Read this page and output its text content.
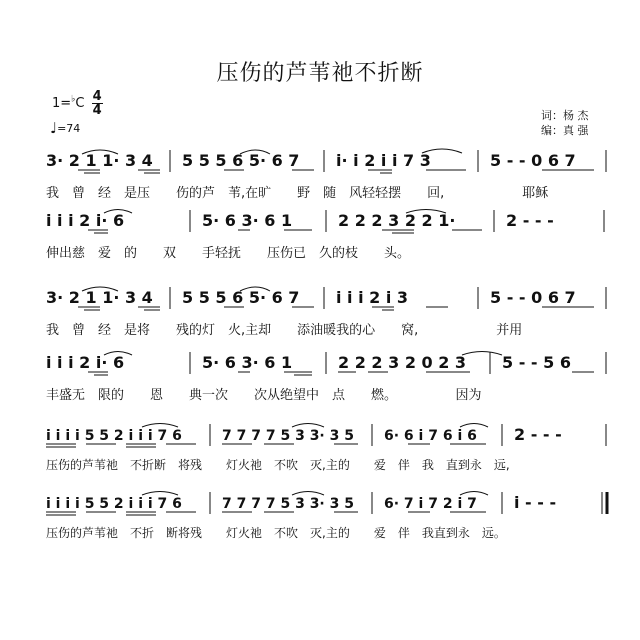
压伤的芦苇祂不折断
$1=^♭C \frac{4}{4}$
♩=74
词：杨 杰
编：真 强
3· 2 1 1· 3 4 5 5 5 6 5· 6 7 i· i 2 i i 7 3	5 - - 0 6 7
我　曾　经　是压　　伤的芦　苇,在旷　　野　随　风轻轻摆　　回,　　　　　　耶稣
i i i 2 i· 6	5· 6 3· 6 1	2 2 2 3 2 2 1·	2 - - -
伸出慈　爱　的　　双　　手轻抚　　压伤已　久的枝　　头。
3· 2 1 1· 3 4 5 5 5 6 5· 6 7 i i i 2 i 3	5 - - 0 6 7
我　曾　经　是将　　残的灯　火,主却　　添油暖我的心　　窝,　　　　　　并用
i i i 2 i· 6	5· 6 3· 6 1	2 2 2 3 2 0 2 3 5 - - 5 6
丰盛无　限的　　恩　　典一次　　次从绝望中　点　　燃。　　　　　因为
i i i i 5 5 2 i i i 7 6	7 7 7 7 5 3 3· 3 5 6· 6 i 7 6 i 6 2 - - -
压伤的芦苇祂　不折断　将残　　灯火祂　不吹　灭,主的　　爱　伴　我　直到永　远,
i i i i 5 5 2 i i i 7 6	7 7 7 7 5 3 3· 3 5 6· 7 i 7 2 i 7 i - - -
压伤的芦苇祂　不折　断将残　　灯火祂　不吹　灭,主的　　爱　伴　我直到永　远。
